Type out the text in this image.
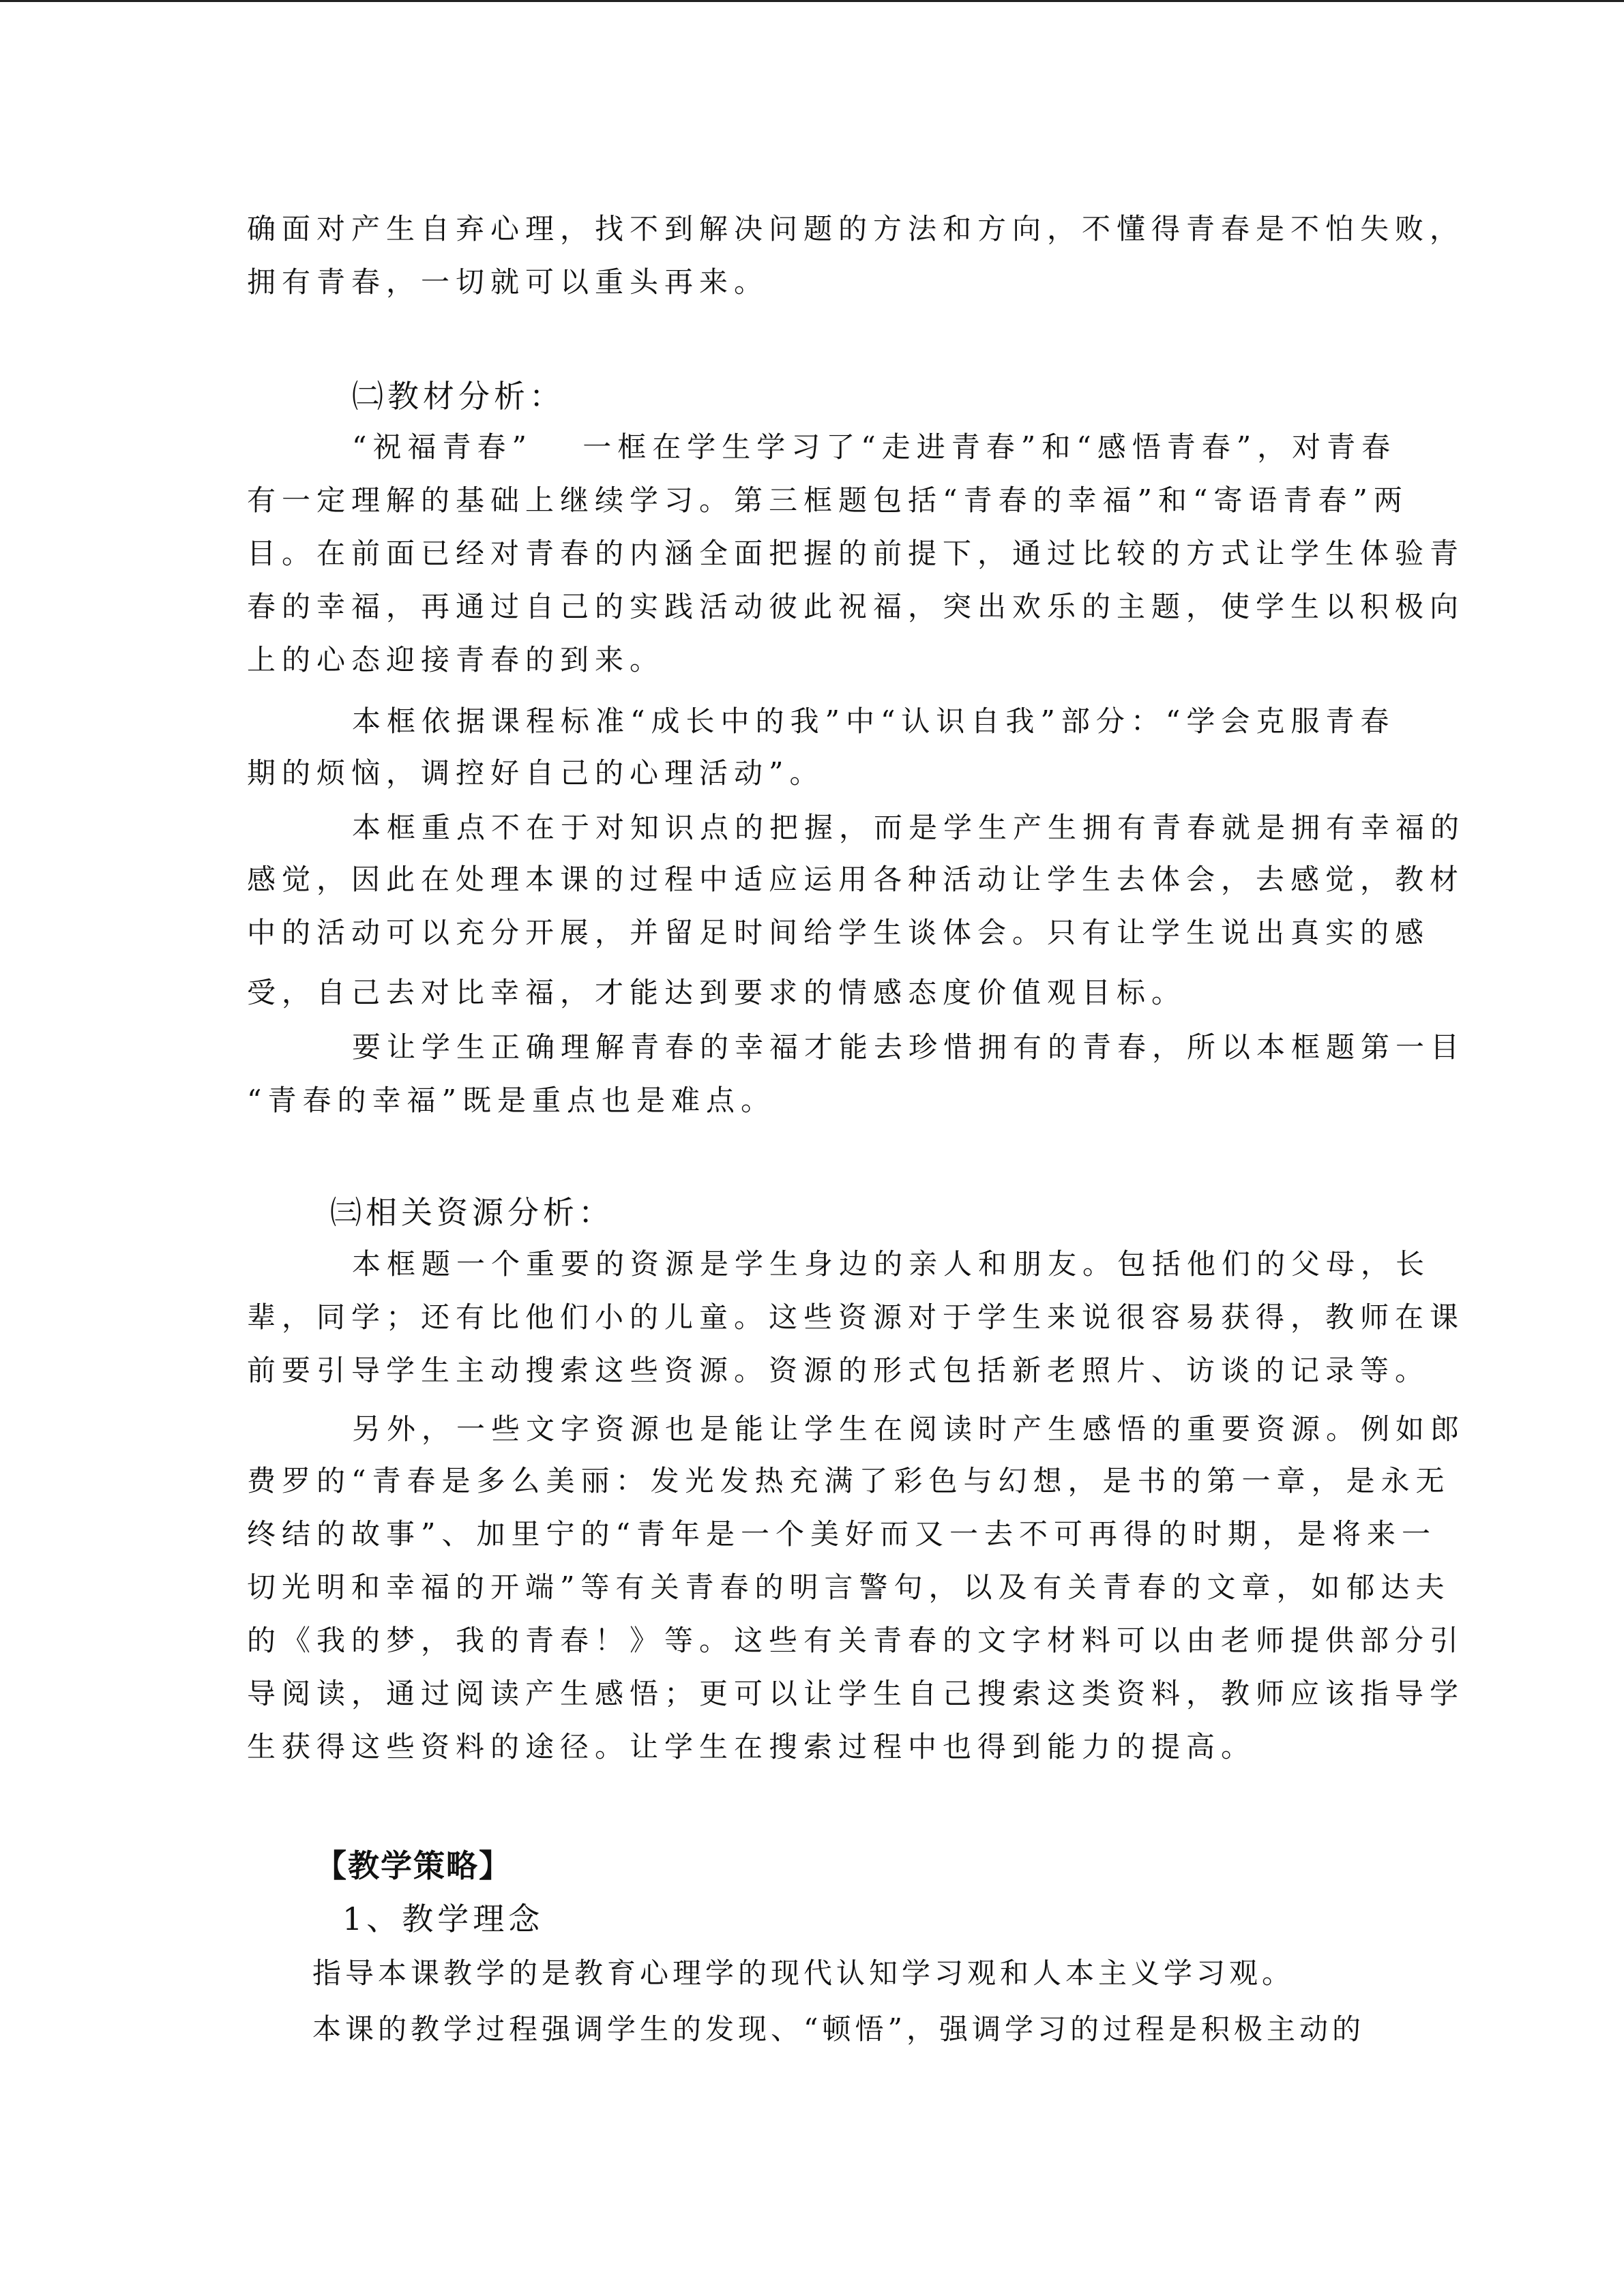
确面对产生自弃心理，找不到解决问题的方法和方向，不懂得青春是不怕失败，
拥有青春，一切就可以重头再来。
㈡教材分析：
“祝福青春”　 一框在学生学习了“走进青春”和“感悟青春”，对青春
有一定理解的基础上继续学习。第三框题包括“青春的幸福”和“寄语青春”两
目。在前面已经对青春的内涵全面把握的前提下，通过比较的方式让学生体验青
春的幸福，再通过自己的实践活动彼此祝福，突出欢乐的主题，使学生以积极向
上的心态迎接青春的到来。
本框依据课程标准“成长中的我”中“认识自我”部分：“学会克服青春
期的烦恼，调控好自己的心理活动”。
本框重点不在于对知识点的把握，而是学生产生拥有青春就是拥有幸福的
感觉，因此在处理本课的过程中适应运用各种活动让学生去体会，去感觉，教材
中的活动可以充分开展，并留足时间给学生谈体会。只有让学生说出真实的感
受，自己去对比幸福，才能达到要求的情感态度价值观目标。
要让学生正确理解青春的幸福才能去珍惜拥有的青春，所以本框题第一目
“青春的幸福”既是重点也是难点。
㈢相关资源分析：
本框题一个重要的资源是学生身边的亲人和朋友。包括他们的父母，长
辈，同学；还有比他们小的儿童。这些资源对于学生来说很容易获得，教师在课
前要引导学生主动搜索这些资源。资源的形式包括新老照片、访谈的记录等。
另外，一些文字资源也是能让学生在阅读时产生感悟的重要资源。例如郎
费罗的“青春是多么美丽：发光发热充满了彩色与幻想，是书的第一章，是永无
终结的故事”、加里宁的“青年是一个美好而又一去不可再得的时期，是将来一
切光明和幸福的开端”等有关青春的明言警句，以及有关青春的文章，如郁达夫
的《我的梦，我的青春！》等。这些有关青春的文字材料可以由老师提供部分引
导阅读，通过阅读产生感悟；更可以让学生自己搜索这类资料，教师应该指导学
生获得这些资料的途径。让学生在搜索过程中也得到能力的提高。
【教学策略】
1、教学理念
指导本课教学的是教育心理学的现代认知学习观和人本主义学习观。
本课的教学过程强调学生的发现、“顿悟”，强调学习的过程是积极主动的
